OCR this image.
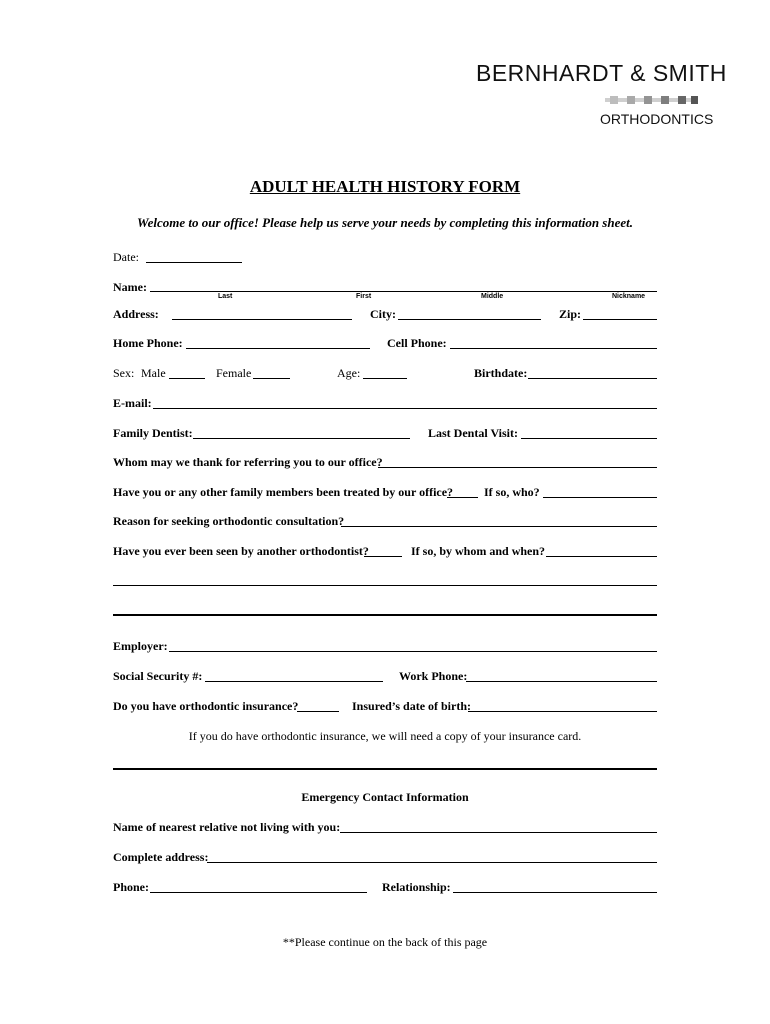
BERNHARDT & SMITH
ORTHODONTICS
ADULT HEALTH HISTORY FORM
Welcome to our office! Please help us serve your needs by completing this information sheet.
Date:
Name:
Last	First	Middle	Nickname
Address:	City:	Zip:
Home Phone:	Cell Phone:
Sex: Male	Female	Age:	Birthdate:
E-mail:
Family Dentist:	Last Dental Visit:
Whom may we thank for referring you to our office?
Have you or any other family members been treated by our office?	If so, who?
Reason for seeking orthodontic consultation?
Have you ever been seen by another orthodontist?	If so, by whom and when?
Employer:
Social Security #:	Work Phone:
Do you have orthodontic insurance?	Insured’s date of birth:
If you do have orthodontic insurance, we will need a copy of your insurance card.
Emergency Contact Information
Name of nearest relative not living with you:
Complete address:
Phone:	Relationship:
**Please continue on the back of this page
